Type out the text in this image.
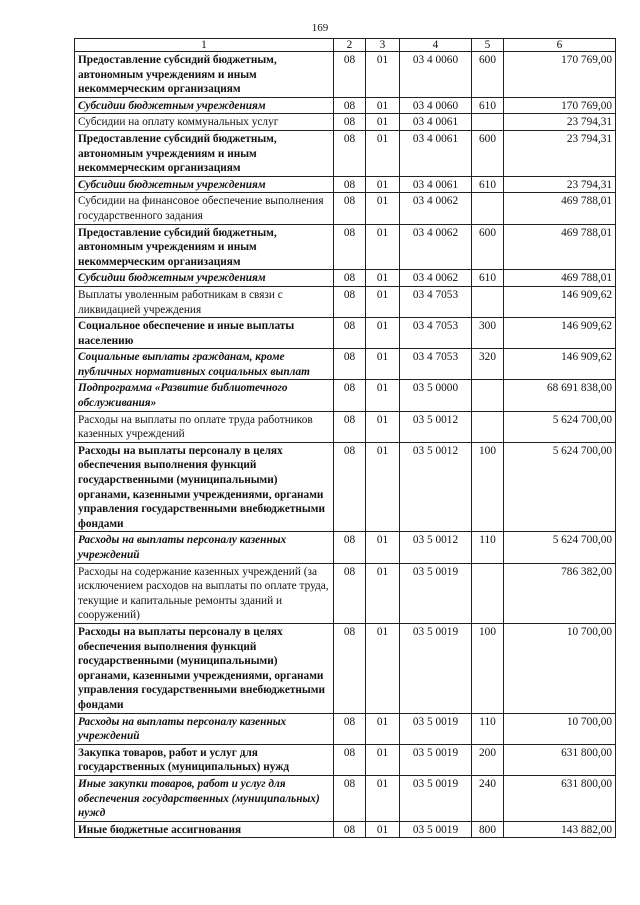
169
1	2	3	4	5	6
Предоставление субсидий бюджетным, автономным учреждениям и иным некоммерческим организациям	08	01	03 4 0060	600	170 769,00
Субсидии бюджетным учреждениям	08	01	03 4 0060	610	170 769,00
Субсидии на оплату коммунальных услуг	08	01	03 4 0061		23 794,31
Предоставление субсидий бюджетным, автономным учреждениям и иным некоммерческим организациям	08	01	03 4 0061	600	23 794,31
Субсидии бюджетным учреждениям	08	01	03 4 0061	610	23 794,31
Субсидии на финансовое обеспечение выполнения государственного задания	08	01	03 4 0062		469 788,01
Предоставление субсидий бюджетным, автономным учреждениям и иным некоммерческим организациям	08	01	03 4 0062	600	469 788,01
Субсидии бюджетным учреждениям	08	01	03 4 0062	610	469 788,01
Выплаты уволенным работникам в связи с ликвидацией учреждения	08	01	03 4 7053		146 909,62
Социальное обеспечение и иные выплаты населению	08	01	03 4 7053	300	146 909,62
Социальные выплаты гражданам, кроме публичных нормативных социальных выплат	08	01	03 4 7053	320	146 909,62
Подпрограмма «Развитие библиотечного обслуживания»	08	01	03 5 0000		68 691 838,00
Расходы на выплаты по оплате труда работников казенных учреждений	08	01	03 5 0012		5 624 700,00
Расходы на выплаты персоналу в целях обеспечения выполнения функций государственными (муниципальными) органами, казенными учреждениями, органами управления государственными внебюджетными фондами	08	01	03 5 0012	100	5 624 700,00
Расходы на выплаты персоналу казенных учреждений	08	01	03 5 0012	110	5 624 700,00
Расходы на содержание казенных учреждений (за исключением расходов на выплаты по оплате труда, текущие и капитальные ремонты зданий и сооружений)	08	01	03 5 0019		786 382,00
Расходы на выплаты персоналу в целях обеспечения выполнения функций государственными (муниципальными) органами, казенными учреждениями, органами управления государственными внебюджетными фондами	08	01	03 5 0019	100	10 700,00
Расходы на выплаты персоналу казенных учреждений	08	01	03 5 0019	110	10 700,00
Закупка товаров, работ и услуг для государственных (муниципальных) нужд	08	01	03 5 0019	200	631 800,00
Иные закупки товаров, работ и услуг для обеспечения государственных (муниципальных) нужд	08	01	03 5 0019	240	631 800,00
Иные бюджетные ассигнования	08	01	03 5 0019	800	143 882,00
